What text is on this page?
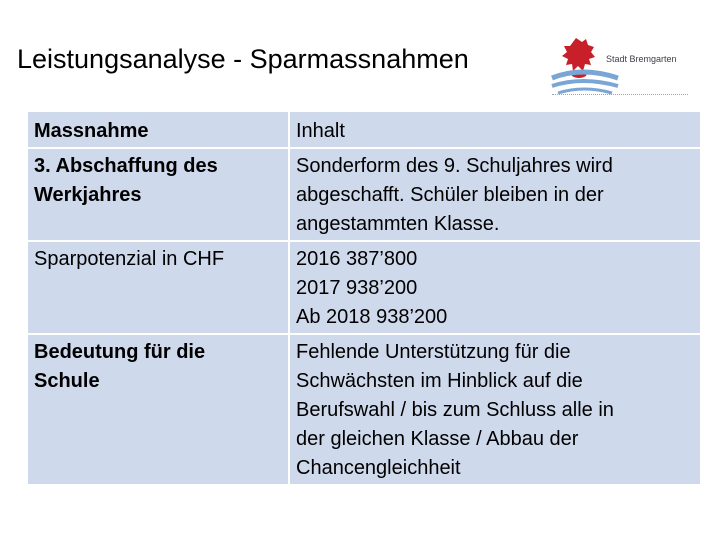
Leistungsanalyse - Sparmassnahmen	Stadt Bremgarten
Massnahme	Inhalt

3. Abschaffung des
Werkjahres	Sonderform des 9. Schuljahres wird
abgeschafft. Schüler bleiben in der
angestammten Klasse.

Sparpotenzial in CHF	2016 387’800
2017 938’200
Ab 2018 938’200

Bedeutung für die
Schule	Fehlende Unterstützung für die
Schwächsten im Hinblick auf die
Berufswahl / bis zum Schluss alle in
der gleichen Klasse / Abbau der
Chancengleichheit
